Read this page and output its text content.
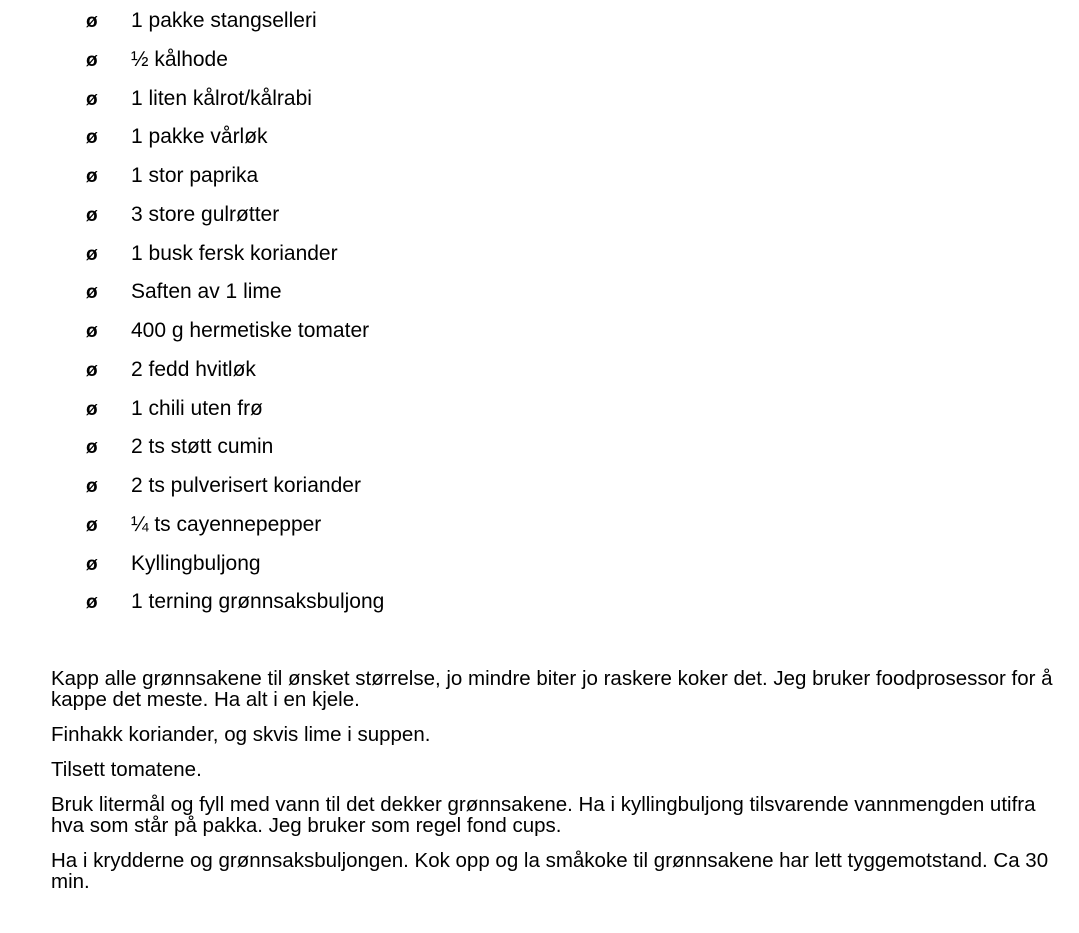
ø 1 pakke stangselleri
ø ½ kålhode
ø 1 liten kålrot/kålrabi
ø 1 pakke vårløk
ø 1 stor paprika
ø 3 store gulrøtter
ø 1 busk fersk koriander
ø Saften av 1 lime
ø 400 g hermetiske tomater
ø 2 fedd hvitløk
ø 1 chili uten frø
ø 2 ts støtt cumin
ø 2 ts pulverisert koriander
ø ¼ ts cayennepepper
ø Kyllingbuljong
ø 1 terning grønnsaksbuljong

Kapp alle grønnsakene til ønsket størrelse, jo mindre biter jo raskere koker det. Jeg bruker foodprosessor for å kappe det meste. Ha alt i en kjele.

Finhakk koriander, og skvis lime i suppen.

Tilsett tomatene.

Bruk litermål og fyll med vann til det dekker grønnsakene. Ha i kyllingbuljong tilsvarende vannmengden utifra hva som står på pakka. Jeg bruker som regel fond cups.

Ha i krydderne og grønnsaksbuljongen. Kok opp og la småkoke til grønnsakene har lett tyggemotstand. Ca 30 min.
